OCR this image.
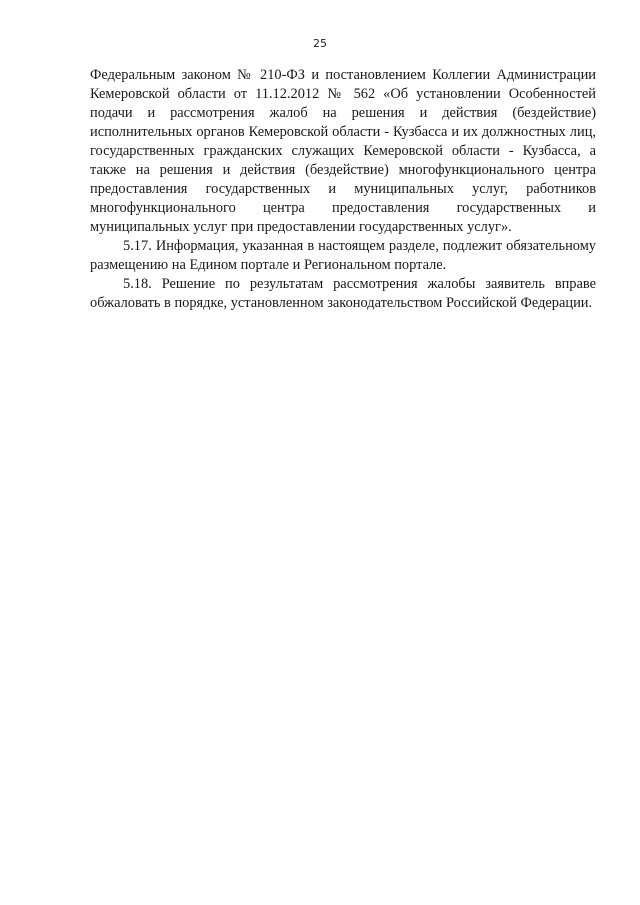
25

Федеральным законом № 210-ФЗ и постановлением Коллегии Администрации Кемеровской области от 11.12.2012 № 562 «Об установлении Особенностей подачи и рассмотрения жалоб на решения и действия (бездействие) исполнительных органов Кемеровской области - Кузбасса и их должностных лиц, государственных гражданских служащих Кемеровской области - Кузбасса, а также на решения и действия (бездействие) многофункционального центра предоставления государственных и муниципальных услуг, работников многофункционального центра предоставления государственных и муниципальных услуг при предоставлении государственных услуг».

5.17. Информация, указанная в настоящем разделе, подлежит обязательному размещению на Едином портале и Региональном портале.

5.18. Решение по результатам рассмотрения жалобы заявитель вправе обжаловать в порядке, установленном законодательством Российской Федерации.
